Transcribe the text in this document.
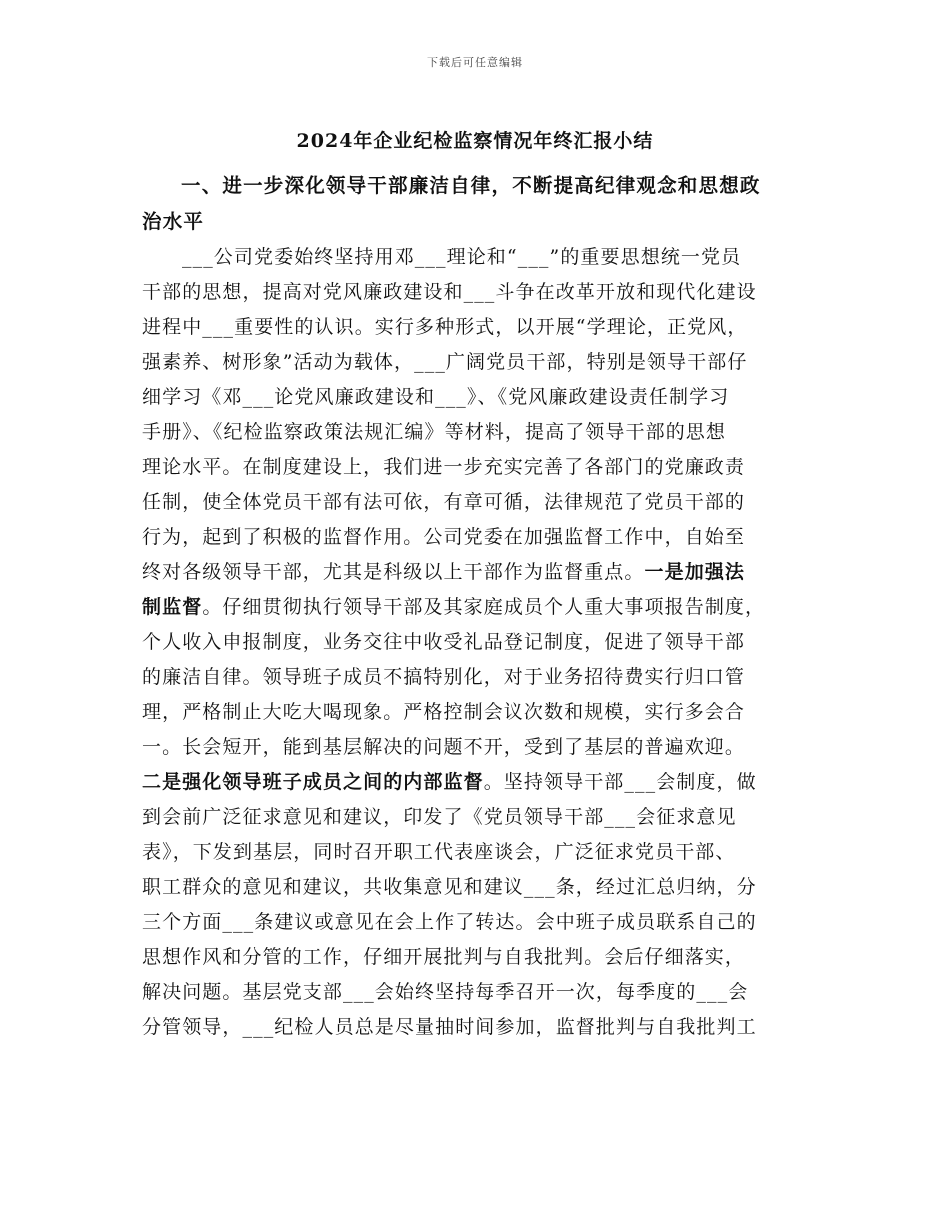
下载后可任意编辑
2024年企业纪检监察情况年终汇报小结
一、进一步深化领导干部廉洁自律，不断提高纪律观念和思想政
治水平
___公司党委始终坚持用邓___理论和“___”的重要思想统一党员
干部的思想，提高对党风廉政建设和___斗争在改革开放和现代化建设
进程中___重要性的认识。实行多种形式，以开展“学理论，正党风，
强素养、树形象”活动为载体，___广阔党员干部，特别是领导干部仔
细学习《邓___论党风廉政建设和___》、《党风廉政建设责任制学习
手册》、《纪检监察政策法规汇编》等材料，提高了领导干部的思想
理论水平。在制度建设上，我们进一步充实完善了各部门的党廉政责
任制，使全体党员干部有法可依，有章可循，法律规范了党员干部的
行为，起到了积极的监督作用。公司党委在加强监督工作中，自始至
终对各级领导干部，尤其是科级以上干部作为监督重点。一是加强法
制监督。仔细贯彻执行领导干部及其家庭成员个人重大事项报告制度，
个人收入申报制度，业务交往中收受礼品登记制度，促进了领导干部
的廉洁自律。领导班子成员不搞特别化，对于业务招待费实行归口管
理，严格制止大吃大喝现象。严格控制会议次数和规模，实行多会合
一。长会短开，能到基层解决的问题不开，受到了基层的普遍欢迎。
二是强化领导班子成员之间的内部监督。坚持领导干部___会制度，做
到会前广泛征求意见和建议，印发了《党员领导干部___会征求意见
表》，下发到基层，同时召开职工代表座谈会，广泛征求党员干部、
职工群众的意见和建议，共收集意见和建议___条，经过汇总归纳，分
三个方面___条建议或意见在会上作了转达。会中班子成员联系自己的
思想作风和分管的工作，仔细开展批判与自我批判。会后仔细落实，
解决问题。基层党支部___会始终坚持每季召开一次，每季度的___会
分管领导，___纪检人员总是尽量抽时间参加，监督批判与自我批判工
